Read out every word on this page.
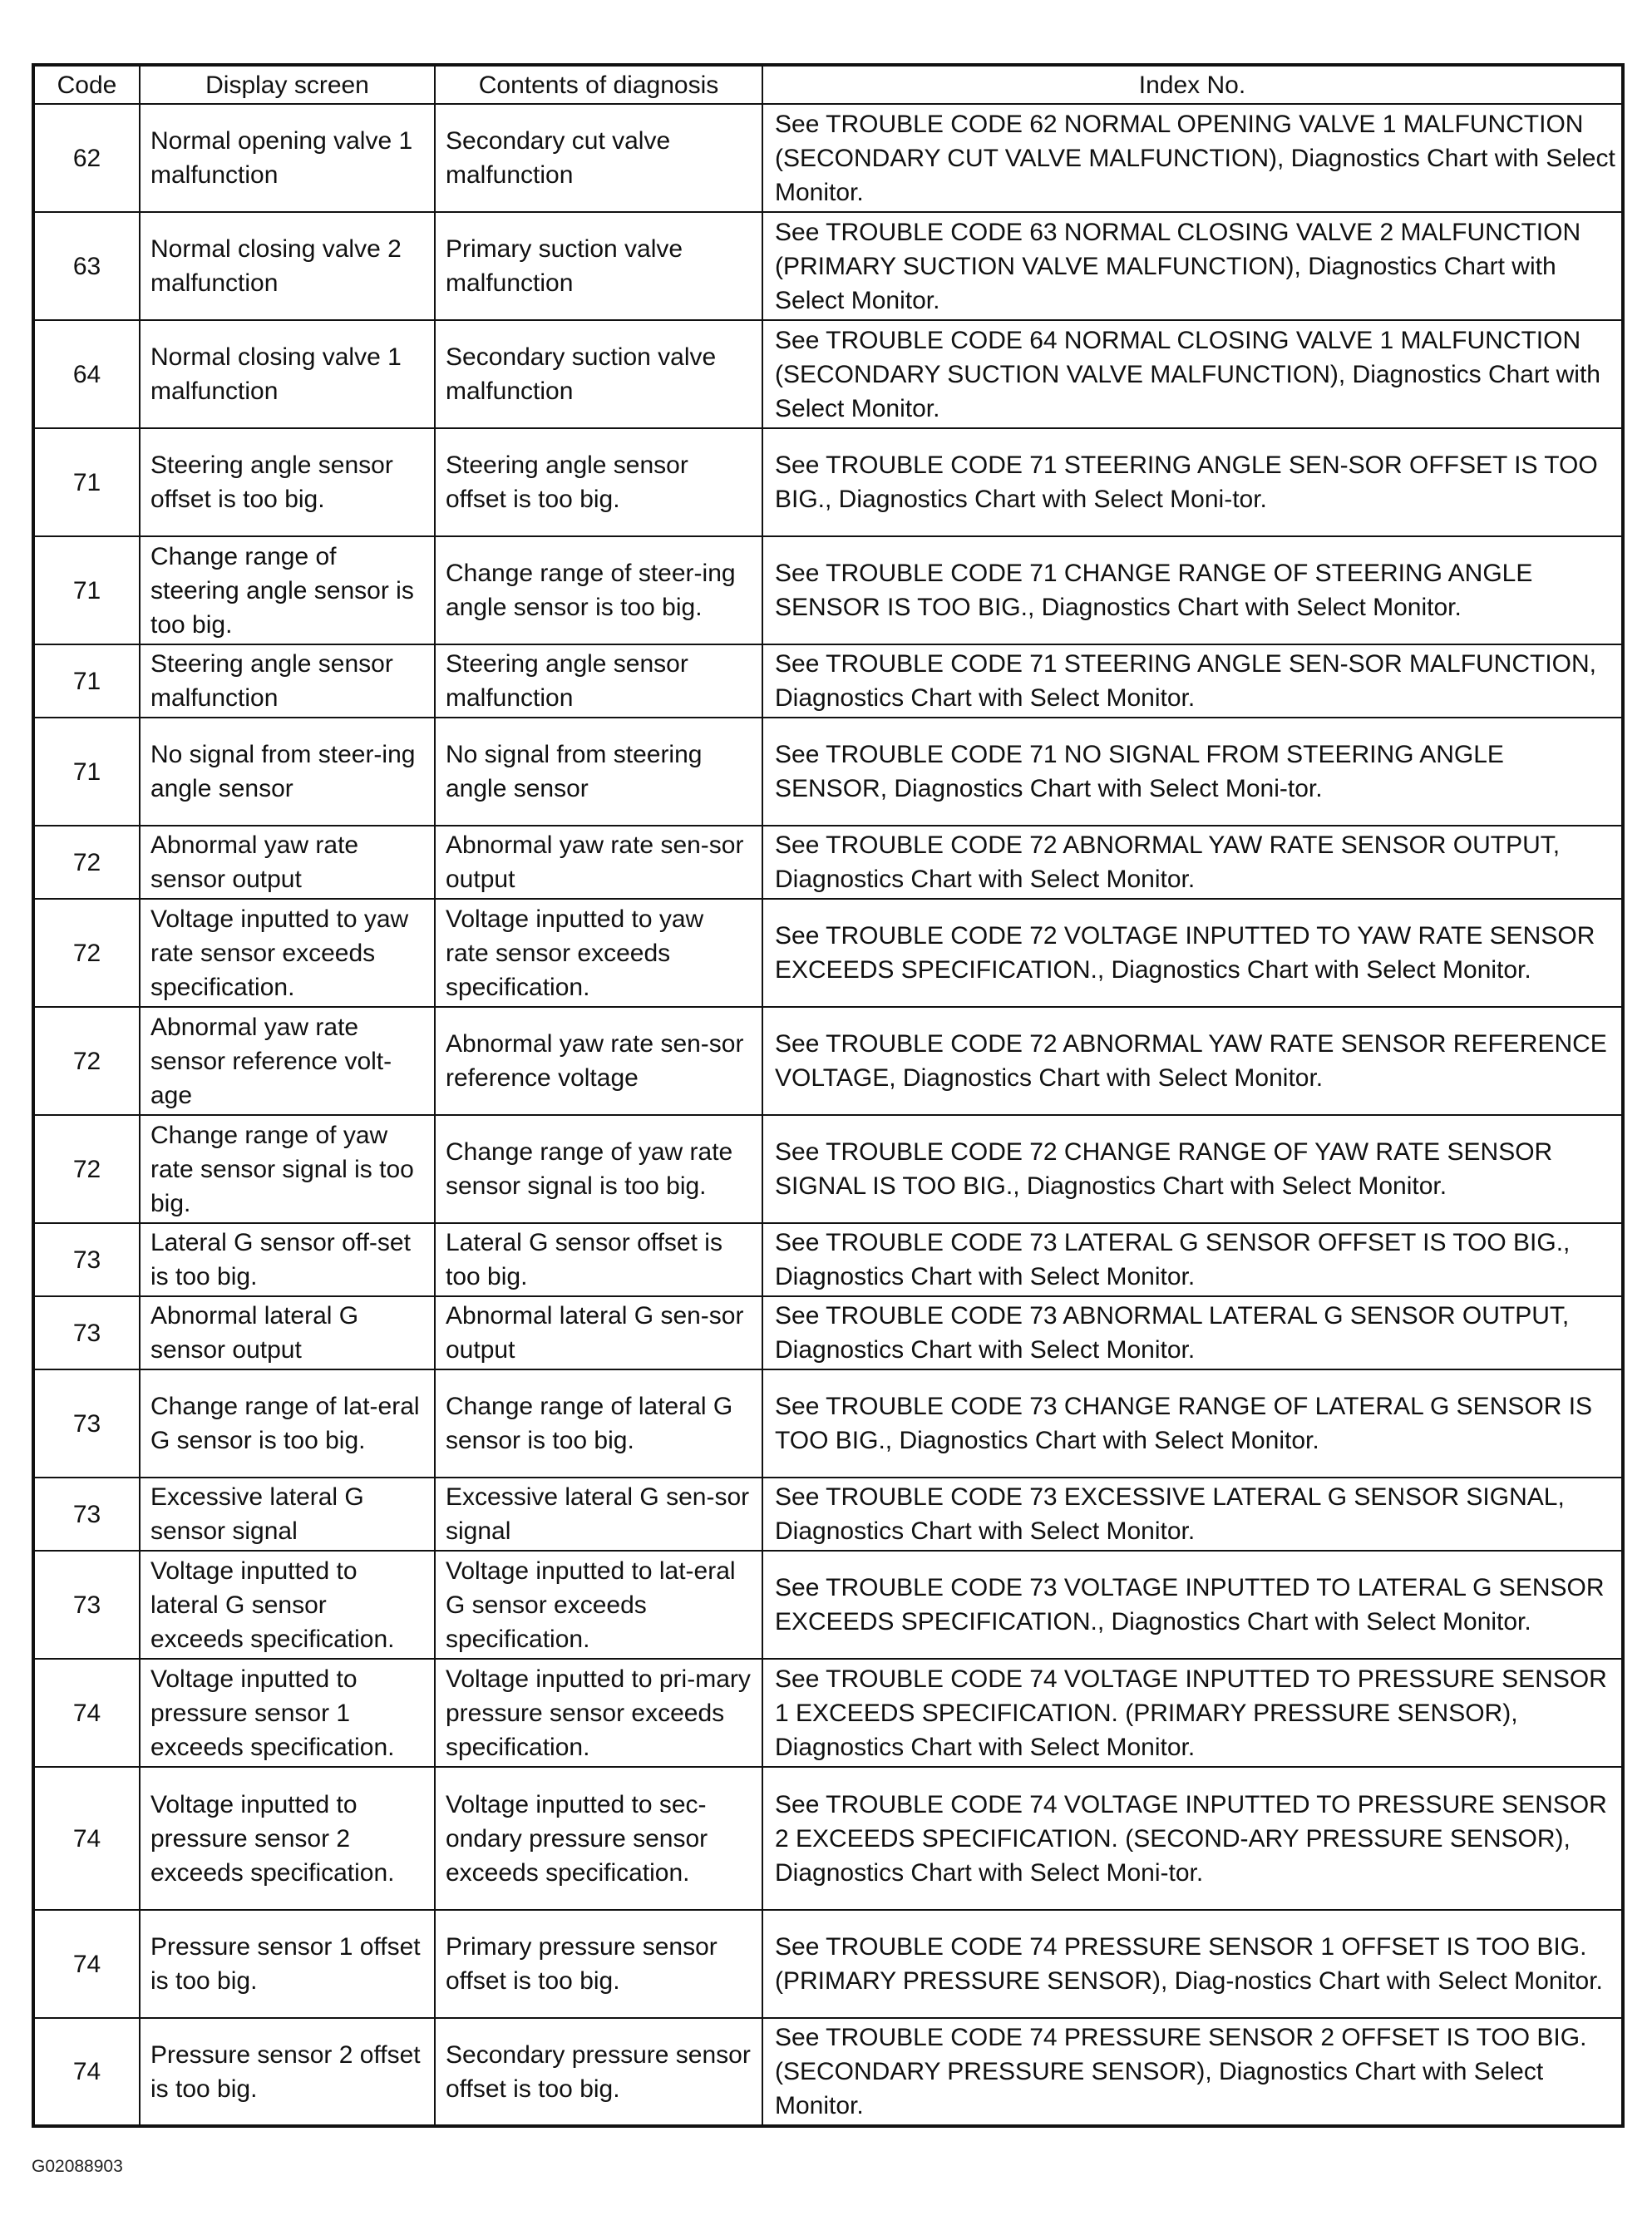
Code	Display screen	Contents of diagnosis	Index No.
62	Normal opening valve 1 malfunction	Secondary cut valve malfunction	See TROUBLE CODE 62 NORMAL OPENING VALVE 1 MALFUNCTION (SECONDARY CUT VALVE MALFUNCTION), Diagnostics Chart with Select Monitor.
63	Normal closing valve 2 malfunction	Primary suction valve malfunction	See TROUBLE CODE 63 NORMAL CLOSING VALVE 2 MALFUNCTION (PRIMARY SUCTION VALVE MALFUNCTION), Diagnostics Chart with Select Monitor.
64	Normal closing valve 1 malfunction	Secondary suction valve malfunction	See TROUBLE CODE 64 NORMAL CLOSING VALVE 1 MALFUNCTION (SECONDARY SUCTION VALVE MALFUNCTION), Diagnostics Chart with Select Monitor.
71	Steering angle sensor offset is too big.	Steering angle sensor offset is too big.	See TROUBLE CODE 71 STEERING ANGLE SEN-SOR OFFSET IS TOO BIG., Diagnostics Chart with Select Moni-tor.
71	Change range of steering angle sensor is too big.	Change range of steer-ing angle sensor is too big.	See TROUBLE CODE 71 CHANGE RANGE OF STEERING ANGLE SENSOR IS TOO BIG., Diagnostics Chart with Select Monitor.
71	Steering angle sensor malfunction	Steering angle sensor malfunction	See TROUBLE CODE 71 STEERING ANGLE SEN-SOR MALFUNCTION, Diagnostics Chart with Select Monitor.
71	No signal from steer-ing angle sensor	No signal from steering angle sensor	See TROUBLE CODE 71 NO SIGNAL FROM STEERING ANGLE SENSOR, Diagnostics Chart with Select Moni-tor.
72	Abnormal yaw rate sensor output	Abnormal yaw rate sen-sor output	See TROUBLE CODE 72 ABNORMAL YAW RATE SENSOR OUTPUT, Diagnostics Chart with Select Monitor.
72	Voltage inputted to yaw rate sensor exceeds specification.	Voltage inputted to yaw rate sensor exceeds specification.	See TROUBLE CODE 72 VOLTAGE INPUTTED TO YAW RATE SENSOR EXCEEDS SPECIFICATION., Diagnostics Chart with Select Monitor.
72	Abnormal yaw rate sensor reference volt-age	Abnormal yaw rate sen-sor reference voltage	See TROUBLE CODE 72 ABNORMAL YAW RATE SENSOR REFERENCE VOLTAGE, Diagnostics Chart with Select Monitor.
72	Change range of yaw rate sensor signal is too big.	Change range of yaw rate sensor signal is too big.	See TROUBLE CODE 72 CHANGE RANGE OF YAW RATE SENSOR SIGNAL IS TOO BIG., Diagnostics Chart with Select Monitor.
73	Lateral G sensor off-set is too big.	Lateral G sensor offset is too big.	See TROUBLE CODE 73 LATERAL G SENSOR OFFSET IS TOO BIG., Diagnostics Chart with Select Monitor.
73	Abnormal lateral G sensor output	Abnormal lateral G sen-sor output	See TROUBLE CODE 73 ABNORMAL LATERAL G SENSOR OUTPUT, Diagnostics Chart with Select Monitor.
73	Change range of lat-eral G sensor is too big.	Change range of lateral G sensor is too big.	See TROUBLE CODE 73 CHANGE RANGE OF LATERAL G SENSOR IS TOO BIG., Diagnostics Chart with Select Monitor.
73	Excessive lateral G sensor signal	Excessive lateral G sen-sor signal	See TROUBLE CODE 73 EXCESSIVE LATERAL G SENSOR SIGNAL, Diagnostics Chart with Select Monitor.
73	Voltage inputted to lateral G sensor exceeds specification.	Voltage inputted to lat-eral G sensor exceeds specification.	See TROUBLE CODE 73 VOLTAGE INPUTTED TO LATERAL G SENSOR EXCEEDS SPECIFICATION., Diagnostics Chart with Select Monitor.
74	Voltage inputted to pressure sensor 1 exceeds specification.	Voltage inputted to pri-mary pressure sensor exceeds specification.	See TROUBLE CODE 74 VOLTAGE INPUTTED TO PRESSURE SENSOR 1 EXCEEDS SPECIFICATION. (PRIMARY PRESSURE SENSOR), Diagnostics Chart with Select Monitor.
74	Voltage inputted to pressure sensor 2 exceeds specification.	Voltage inputted to sec-ondary pressure sensor exceeds specification.	See TROUBLE CODE 74 VOLTAGE INPUTTED TO PRESSURE SENSOR 2 EXCEEDS SPECIFICATION. (SECOND-ARY PRESSURE SENSOR), Diagnostics Chart with Select Moni-tor.
74	Pressure sensor 1 offset is too big.	Primary pressure sensor offset is too big.	See TROUBLE CODE 74 PRESSURE SENSOR 1 OFFSET IS TOO BIG. (PRIMARY PRESSURE SENSOR), Diag-nostics Chart with Select Monitor.
74	Pressure sensor 2 offset is too big.	Secondary pressure sensor offset is too big.	See TROUBLE CODE 74 PRESSURE SENSOR 2 OFFSET IS TOO BIG. (SECONDARY PRESSURE SENSOR), Diagnostics Chart with Select Monitor.
G02088903
